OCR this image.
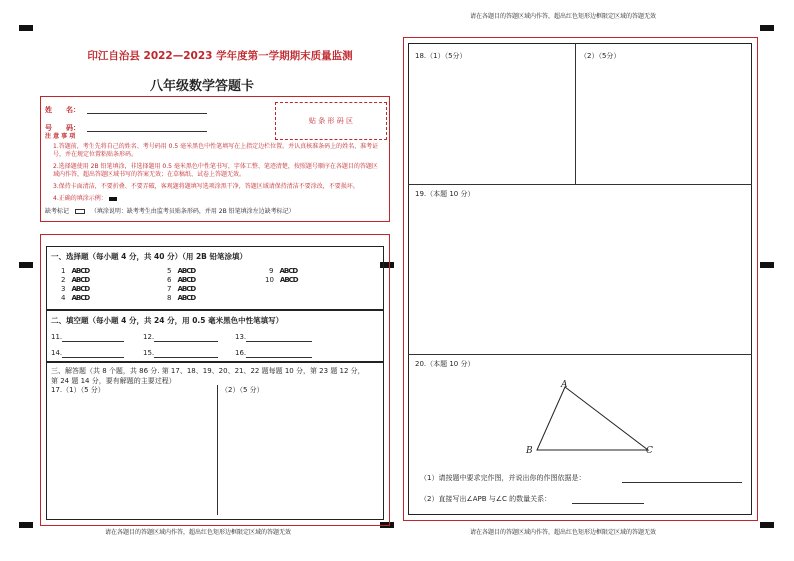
请在各题目的答题区域内作答，超出红色矩形边框限定区域的答题无效
请在各题目的答题区域内作答，超出红色矩形边框限定区域的答题无效	请在各题目的答题区域内作答，超出红色矩形边框限定区域的答题无效
印江自治县 2022—2023 学年度第一学期期末质量监测
八年级数学答题卡
姓　　名：
号　　码：
贴 条 形 码 区
注 意 事 项
1.答题前，考生先将自己的姓名、考号码用 0.5 毫米黑色中性笔填写在上指定边栏位置。并认真核准条码上的姓名、准考证号，并在规定位置粘贴条形码。
2.选择题使用 2B 铅笔填涂，非选择题用 0.5 毫米黑色中性笔书写，字体工整、笔迹清楚，按照题号顺序在各题目的答题区域内作答，超出答题区域书写的答案无效；在草稿纸、试卷上答题无效。
3.保持卡面清洁，不要折叠、不要弄破，客观题将题填写选项涂黑干净，答题区域请保持清洁不要涂改，不要损坏。
4.正确的填涂示例：
缺考标记	（填涂说明：缺考考生由监考员贴条形码，并用 2B 铅笔填涂左边缺考标记）
一、选择题（每小题 4 分，共 40 分）（用 2B 铅笔涂填）
1 ABCD
2 ABCD
3 ABCD
4 ABCD
5 ABCD
6 ABCD
7 ABCD
8 ABCD
9 ABCD
10 ABCD
二、填空题（每小题 4 分，共 24 分，用 0.5 毫米黑色中性笔填写）
11.	12.	13.
14.	15.	16.
三、解答题（共 8 个题，共 86 分. 第 17、18、19、20、21、22 题每题 10 分，第 23 题 12 分，
第 24 题 14 分，要有解题的主要过程）
17.（1）（5 分）	（2）（5 分）
18.（1）（5分）	（2）（5分）
19.（本题 10 分）
20.（本题 10 分）
A
B	C
（1）请按题中要求完作图，并说出你的作图依据是：
（2）直接写出∠APB 与∠C 的数量关系：
